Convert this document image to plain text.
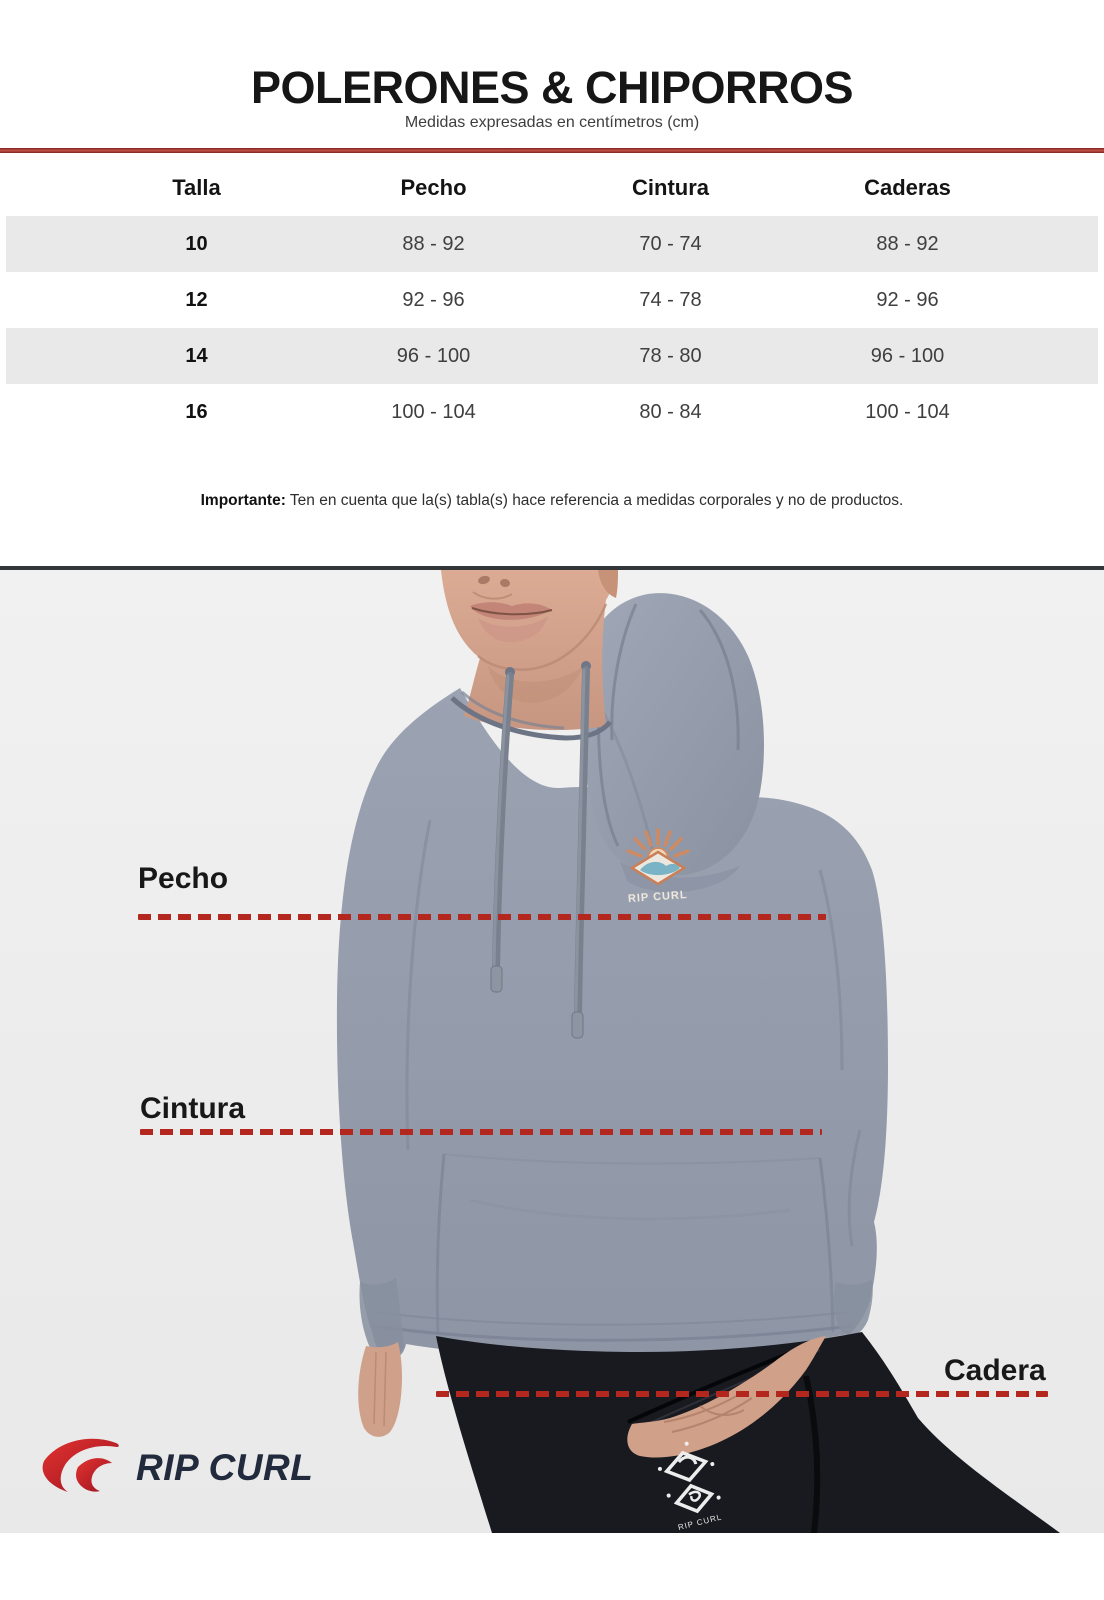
POLERONES & CHIPORROS

Medidas expresadas en centímetros (cm)

Talla	Pecho	Cintura	Caderas
10	88 - 92	70 - 74	88 - 92
12	92 - 96	74 - 78	92 - 96
14	96 - 100	78 - 80	96 - 100
16	100 - 104	80 - 84	100 - 104

Importante: Ten en cuenta que la(s) tabla(s) hace referencia a medidas corporales y no de productos.

RIP CURL
RIP CURL
Pecho
Cintura
Cadera
RIP CURL
